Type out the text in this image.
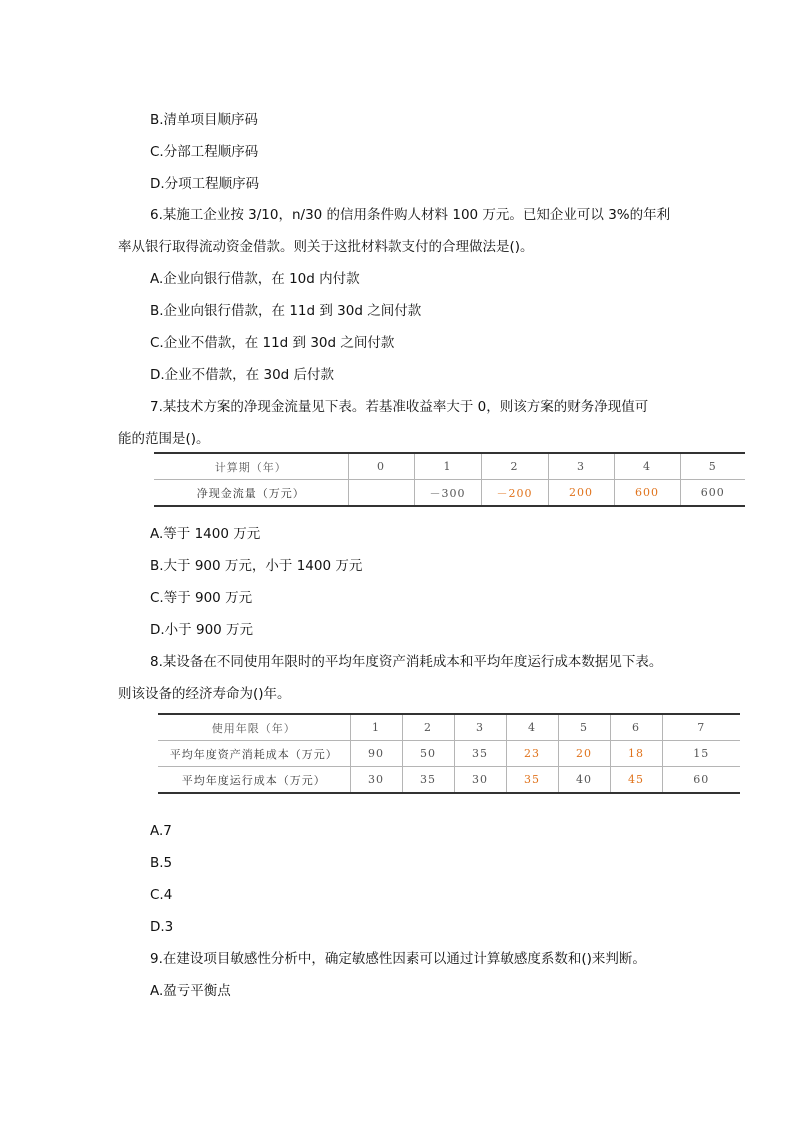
B.清单项目顺序码
C.分部工程顺序码
D.分项工程顺序码
6.某施工企业按 3/10，n/30 的信用条件购人材料 100 万元。已知企业可以 3%的年利
率从银行取得流动资金借款。则关于这批材料款支付的合理做法是()。
A.企业向银行借款，在 10d 内付款
B.企业向银行借款，在 11d 到 30d 之间付款
C.企业不借款，在 11d 到 30d 之间付款
D.企业不借款，在 30d 后付款
7.某技术方案的净现金流量见下表。若基准收益率大于 0，则该方案的财务净现值可
能的范围是()。
计算期（年）	0	1	2	3	4	5
净现金流量（万元）		－300	－200	200	600	600
A.等于 1400 万元
B.大于 900 万元，小于 1400 万元
C.等于 900 万元
D.小于 900 万元
8.某设备在不同使用年限时的平均年度资产消耗成本和平均年度运行成本数据见下表。
则该设备的经济寿命为()年。
使用年限（年）	1	2	3	4	5	6	7
平均年度资产消耗成本（万元）	90	50	35	23	20	18	15
平均年度运行成本（万元）	30	35	30	35	40	45	60
A.7
B.5
C.4
D.3
9.在建设项目敏感性分析中，确定敏感性因素可以通过计算敏感度系数和()来判断。
A.盈亏平衡点
